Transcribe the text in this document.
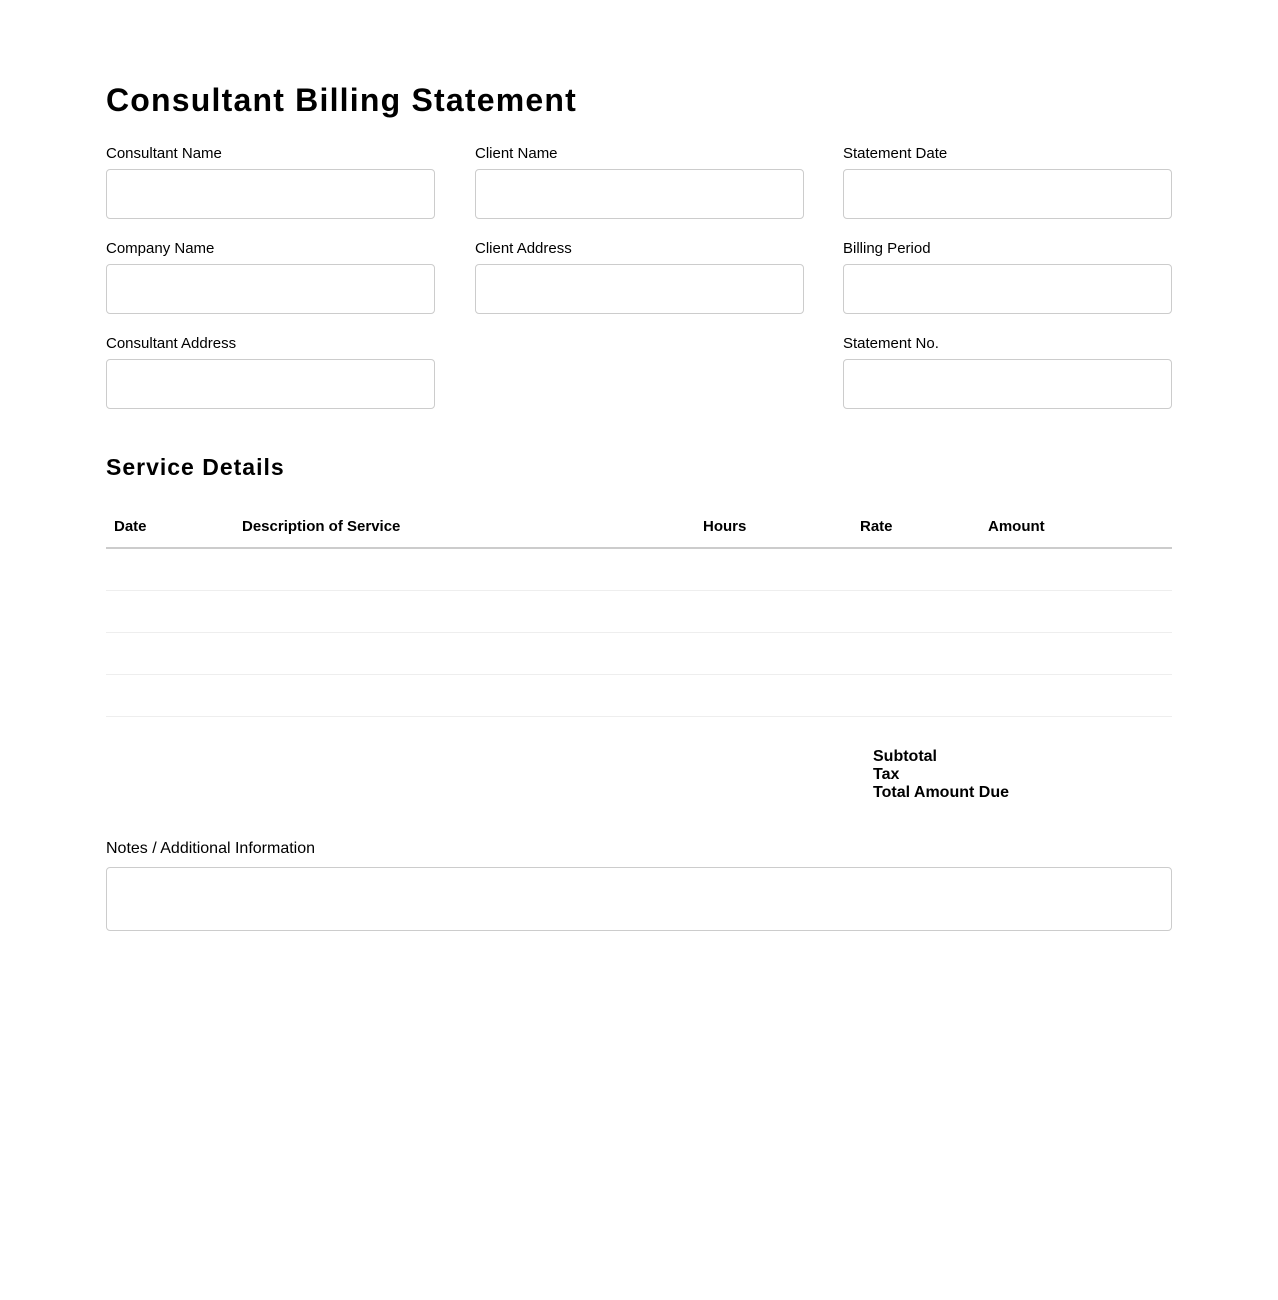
Consultant Billing Statement
Consultant Name	Client Name	Statement Date
Company Name	Client Address	Billing Period
Consultant Address	Statement No.
Service Details
Date	Description of Service	Hours	Rate	Amount

Subtotal
Tax
Total Amount Due
Notes / Additional Information
